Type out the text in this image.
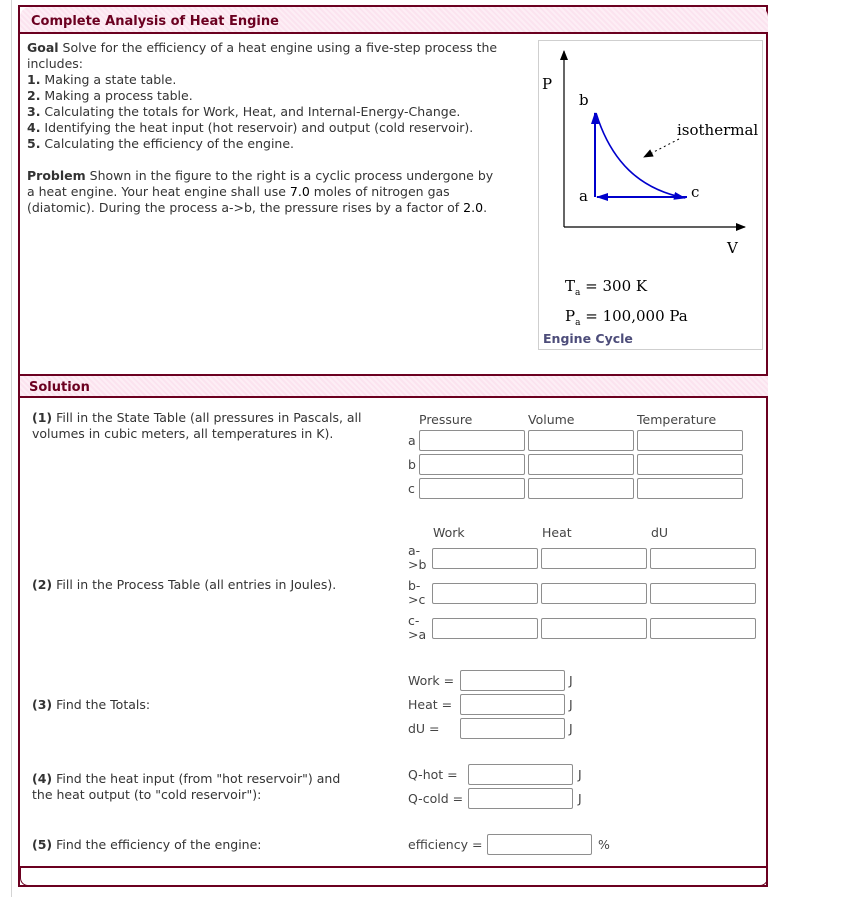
Complete Analysis of Heat Engine
Goal Solve for the efficiency of a heat engine using a five-step process the includes:
1. Making a state table.
2. Making a process table.
3. Calculating the totals for Work, Heat, and Internal-Energy-Change.
4. Identifying the heat input (hot reservoir) and output (cold reservoir).
5. Calculating the efficiency of the engine.
Problem Shown in the figure to the right is a cyclic process undergone by
a heat engine. Your heat engine shall use 7.0 moles of nitrogen gas
(diatomic). During the process a->b, the pressure rises by a factor of 2.0.
P
b
a	c
isothermal
V
$T_a = 300$ K
$P_a = 100,000$ Pa
Engine Cycle
Solution
(1) Fill in the State Table (all pressures in Pascals, all
volumes in cubic meters, all temperatures in K).
Pressure	Volume	Temperature
a
b
c
(2) Fill in the Process Table (all entries in Joules).
Work	Heat	dU
a-
>b
b-
>c
c-
>a
(3) Find the Totals:
Work =	J
Heat =	J
dU =	J
(4) Find the heat input (from "hot reservoir") and
the heat output (to "cold reservoir"):
Q-hot =	J
Q-cold =	J
(5) Find the efficiency of the engine:	efficiency =	%
